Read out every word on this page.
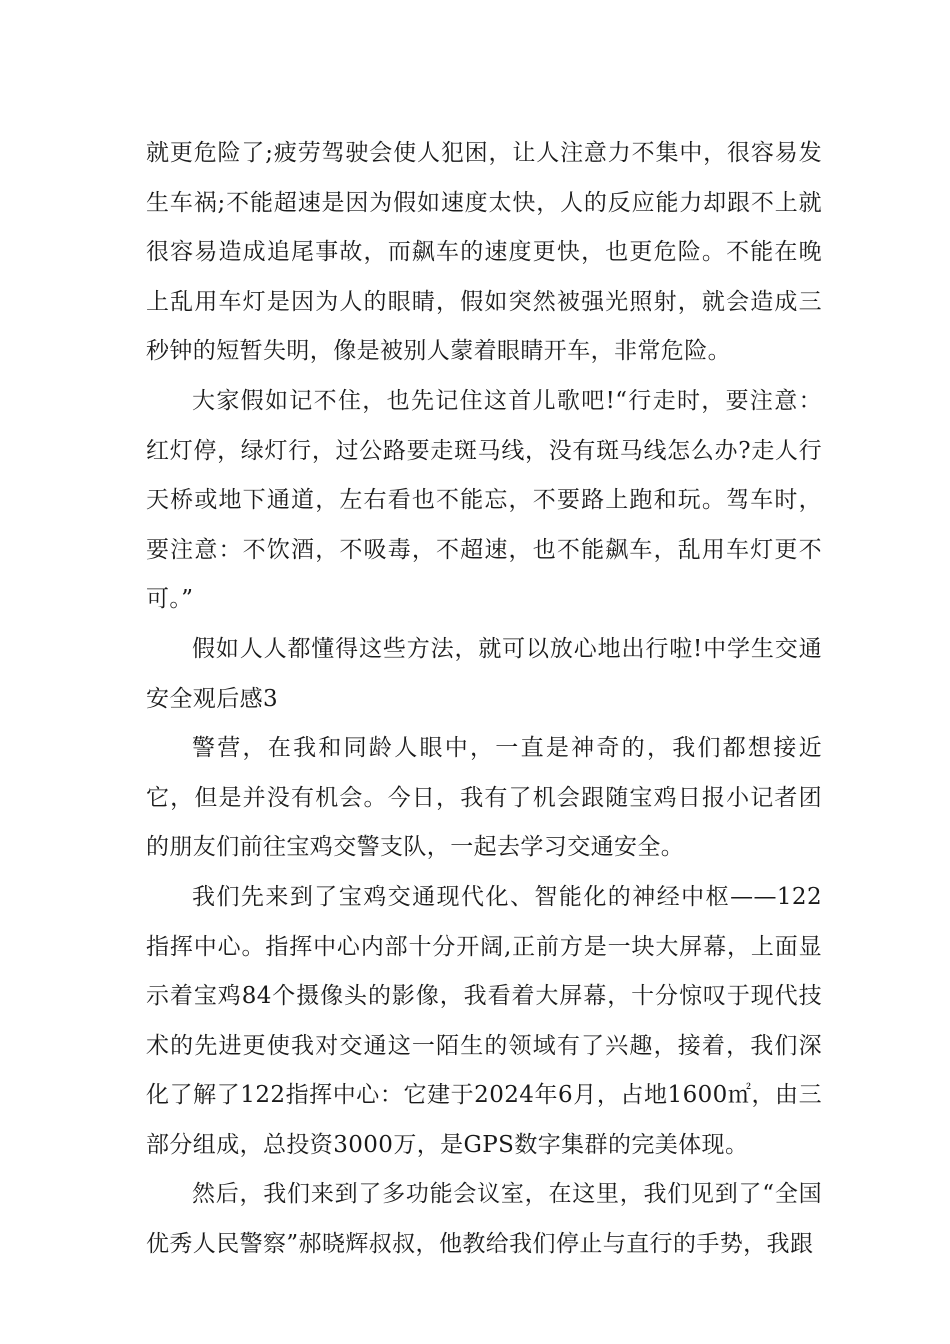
就更危险了;疲劳驾驶会使人犯困，让人注意力不集中，很容易发生车祸;不能超速是因为假如速度太快，人的反应能力却跟不上就很容易造成追尾事故，而飙车的速度更快，也更危险。不能在晚上乱用车灯是因为人的眼睛，假如突然被强光照射，就会造成三秒钟的短暂失明，像是被别人蒙着眼睛开车，非常危险。

大家假如记不住，也先记住这首儿歌吧!“行走时，要注意：红灯停，绿灯行，过公路要走斑马线，没有斑马线怎么办?走人行天桥或地下通道，左右看也不能忘，不要路上跑和玩。驾车时，要注意：不饮酒，不吸毒，不超速，也不能飙车，乱用车灯更不可。”

假如人人都懂得这些方法，就可以放心地出行啦!中学生交通安全观后感3

警营，在我和同龄人眼中，一直是神奇的，我们都想接近它，但是并没有机会。今日，我有了机会跟随宝鸡日报小记者团的朋友们前往宝鸡交警支队，一起去学习交通安全。

我们先来到了宝鸡交通现代化、智能化的神经中枢——122指挥中心。指挥中心内部十分开阔,正前方是一块大屏幕，上面显示着宝鸡84个摄像头的影像，我看着大屏幕，十分惊叹于现代技术的先进更使我对交通这一陌生的领域有了兴趣，接着，我们深化了解了122指挥中心：它建于2024年6月，占地1600㎡，由三部分组成，总投资3000万，是GPS数字集群的完美体现。

然后，我们来到了多功能会议室，在这里，我们见到了“全国优秀人民警察”郝晓辉叔叔，他教给我们停止与直行的手势，我跟
